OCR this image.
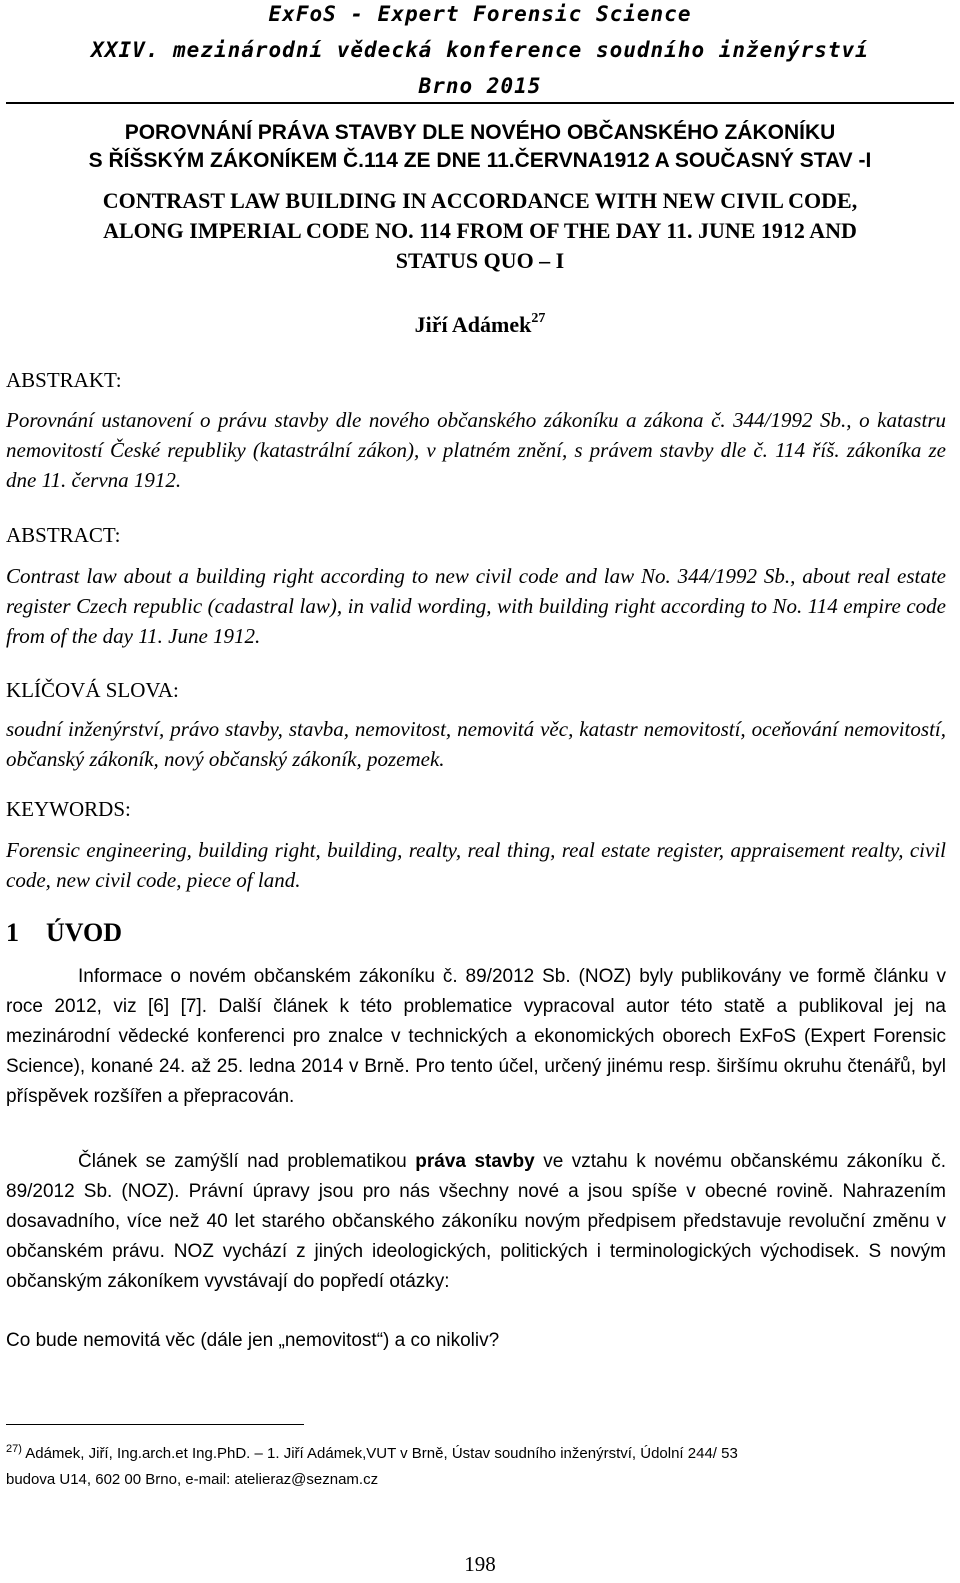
ExFoS - Expert Forensic Science
XXIV. mezinárodní vědecká konference soudního inženýrství
Brno 2015
POROVNÁNÍ PRÁVA STAVBY DLE NOVÉHO OBČANSKÉHO ZÁKONÍKU
S ŘÍŠSKÝM ZÁKONÍKEM Č.114 ZE DNE 11.ČERVNA1912 A SOUČASNÝ STAV -I
CONTRAST LAW BUILDING IN ACCORDANCE WITH NEW CIVIL CODE,
ALONG IMPERIAL CODE NO. 114 FROM OF THE DAY 11. JUNE 1912 AND
STATUS QUO – I
Jiří Adámek$^{27}$
ABSTRAKT:
Porovnání ustanovení o právu stavby dle nového občanského zákoníku a zákona č. 344/1992 Sb., o katastru nemovitostí České republiky (katastrální zákon), v platném znění, s právem stavby dle č. 114 říš. zákoníka ze dne 11. června 1912.
ABSTRACT:
Contrast law about a building right according to new civil code and law No. 344/1992 Sb., about real estate register Czech republic (cadastral law), in valid wording, with building right according to No. 114 empire code from of the day 11. June 1912.
KLÍČOVÁ SLOVA:
soudní inženýrství, právo stavby, stavba, nemovitost, nemovitá věc, katastr nemovitostí, oceňování nemovitostí, občanský zákoník, nový občanský zákoník, pozemek.
KEYWORDS:
Forensic engineering, building right, building, realty, real thing, real estate register, appraisement realty, civil code, new civil code, piece of land.
1 ÚVOD
Informace o novém občanském zákoníku č. 89/2012 Sb. (NOZ) byly publikovány ve formě článku v roce 2012, viz [6] [7]. Další článek k této problematice vypracoval autor této statě a publikoval jej na mezinárodní vědecké konferenci pro znalce v technických a ekonomických oborech ExFoS (Expert Forensic Science), konané 24. až 25. ledna 2014 v Brně. Pro tento účel, určený jinému resp. širšímu okruhu čtenářů, byl příspěvek rozšířen a přepracován.
Článek se zamýšlí nad problematikou práva stavby ve vztahu k novému občanskému zákoníku č. 89/2012 Sb. (NOZ). Právní úpravy jsou pro nás všechny nové a jsou spíše v obecné rovině. Nahrazením dosavadního, více než 40 let starého občanského zákoníku novým předpisem představuje revoluční změnu v občanském právu. NOZ vychází z jiných ideologických, politických i terminologických východisek. S novým občanským zákoníkem vyvstávají do popředí otázky:
Co bude nemovitá věc (dále jen „nemovitost“) a co nikoliv?
$^{27)}$ Adámek, Jiří, Ing.arch.et Ing.PhD. – 1. Jiří Adámek,VUT v Brně, Ústav soudního inženýrství, Údolní 244/ 53
budova U14, 602 00 Brno, e-mail: atelieraz@seznam.cz
198
